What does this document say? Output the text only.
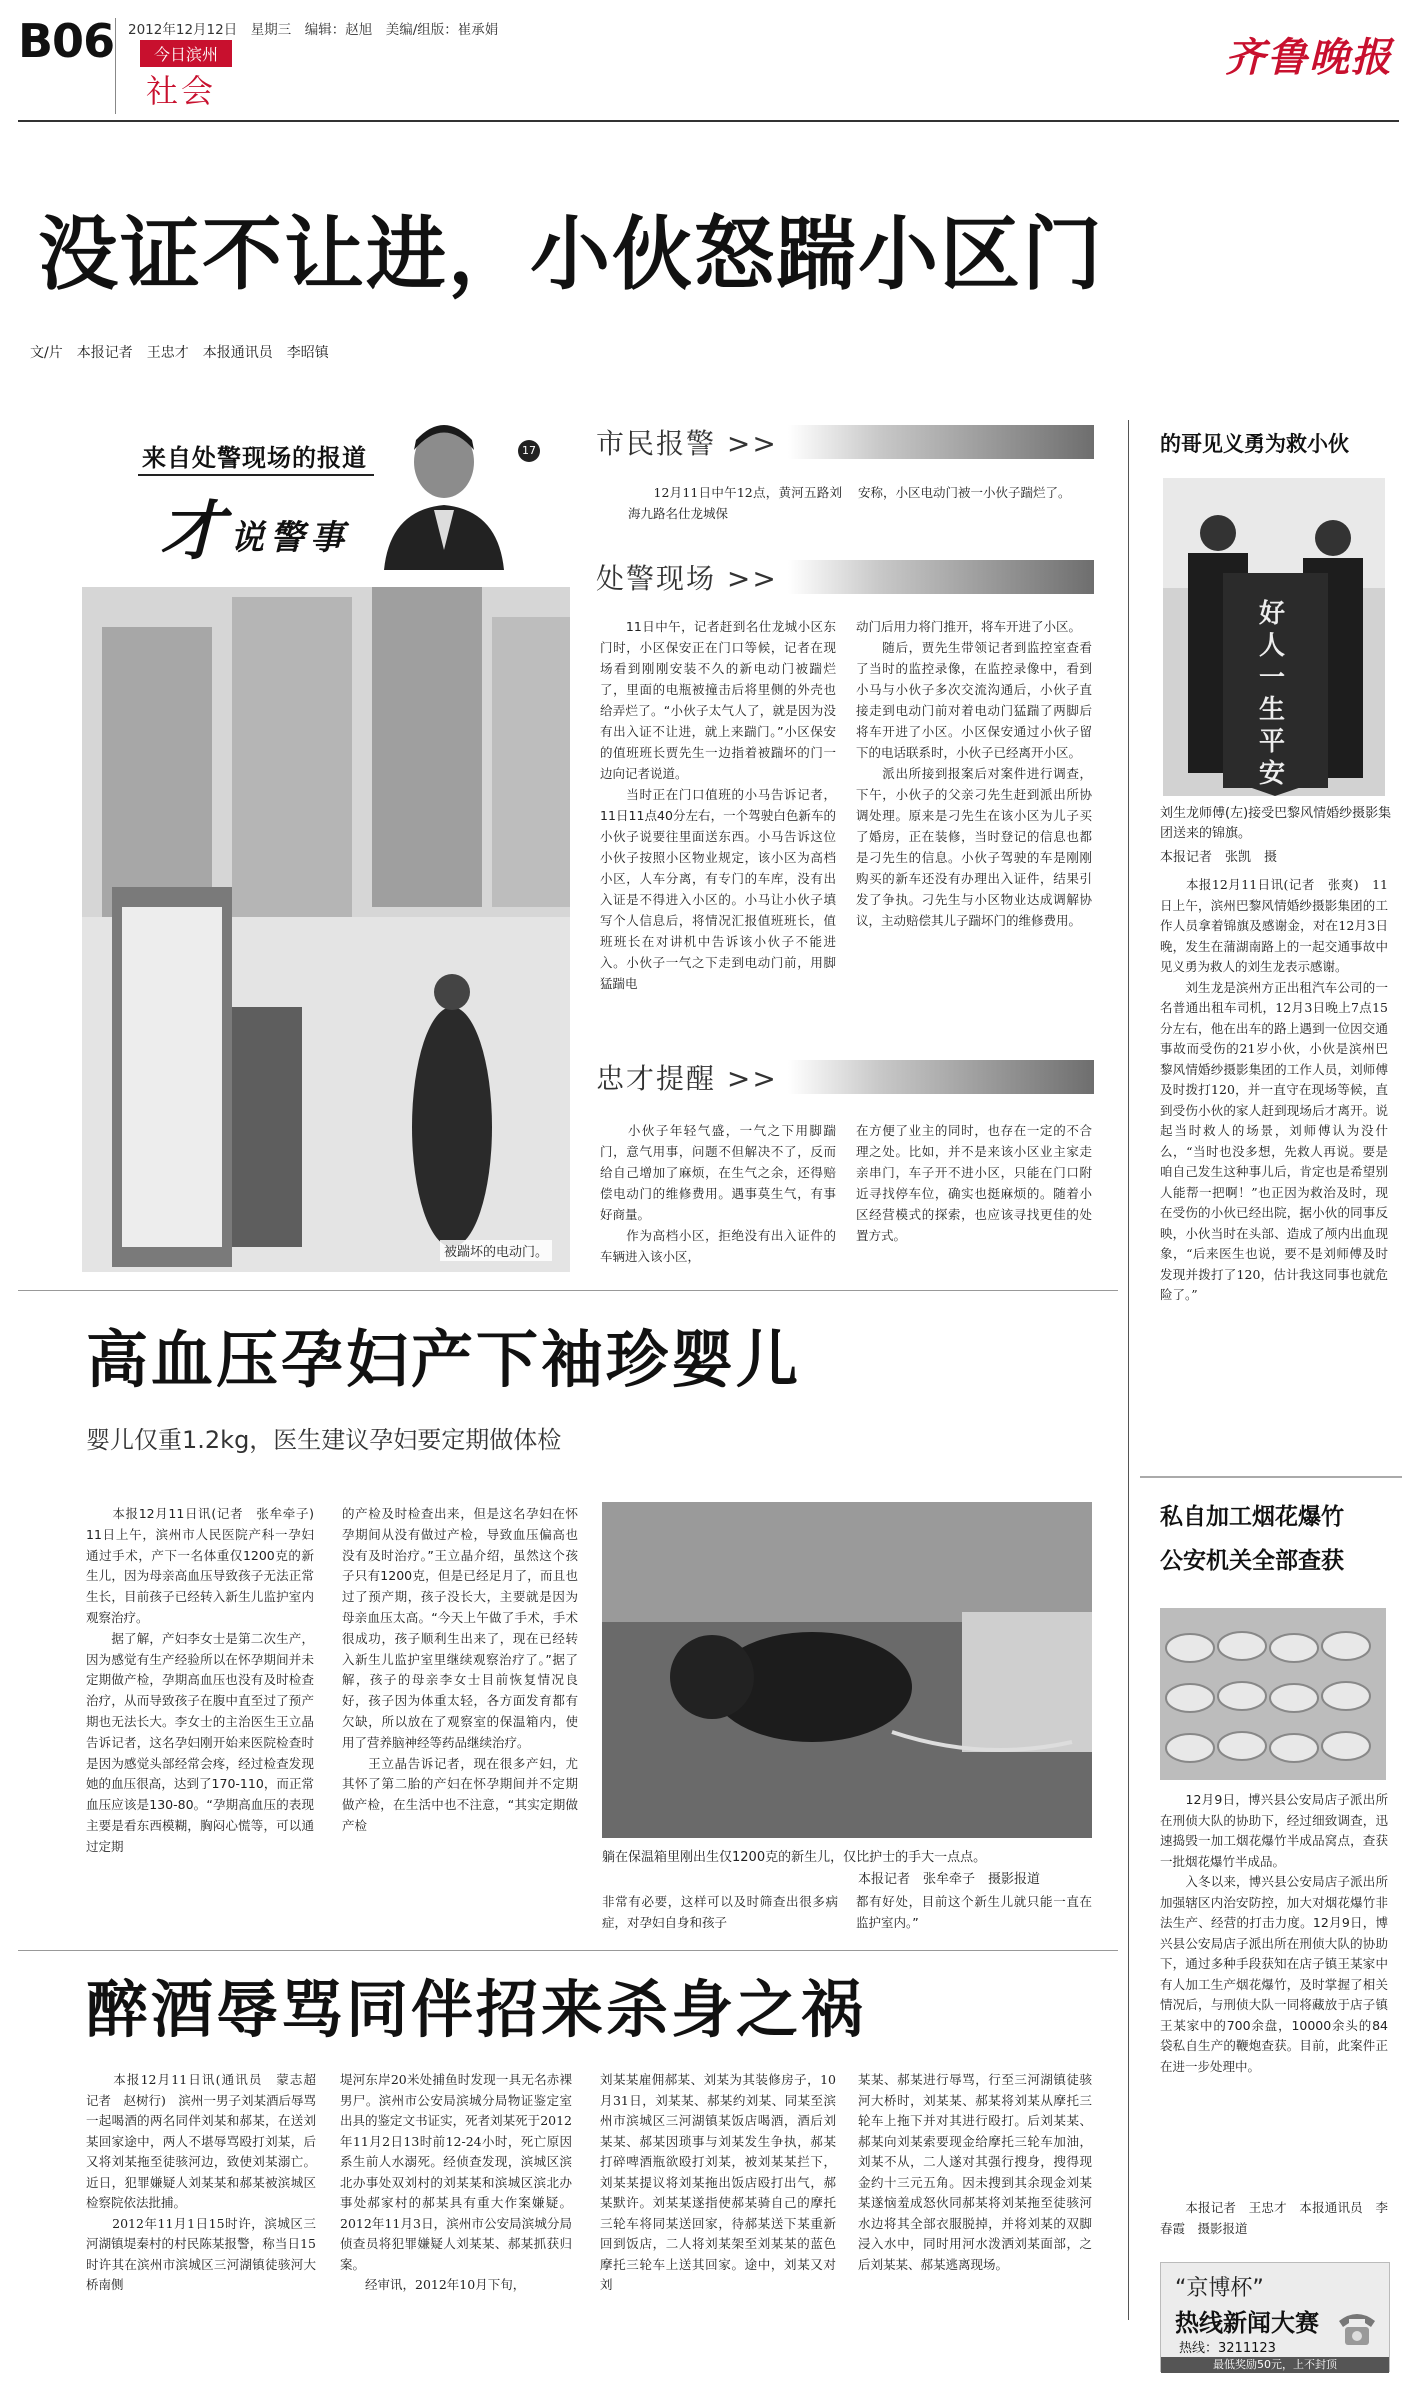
B06 2012年12月12日　星期三　编辑：赵旭　美编/组版：崔承娟
今日滨州
社会
齐鲁晚报
没证不让进，小伙怒踹小区门
文/片　本报记者　王忠才　本报通讯员　李昭镇
来自处警现场的报道
才 说警事
17
被踹坏的电动门。
市民报警 >>
　　12月11日中午12点，黄河五路刘海九路名仕龙城保
安称，小区电动门被一小伙子踹烂了。
处警现场 >>
　　11日中午，记者赶到名仕龙城小区东门时，小区保安正在门口等候，记者在现场看到刚刚安装不久的新电动门被踹烂了，里面的电瓶被撞击后将里侧的外壳也给弄烂了。“小伙子太气人了，就是因为没有出入证不让进，就上来踹门。”小区保安的值班班长贾先生一边指着被踹坏的门一边向记者说道。
　　当时正在门口值班的小马告诉记者，11日11点40分左右，一个驾驶白色新车的小伙子说要往里面送东西。小马告诉这位小伙子按照小区物业规定，该小区为高档小区，人车分离，有专门的车库，没有出入证是不得进入小区的。小马让小伙子填写个人信息后，将情况汇报值班班长，值班班长在对讲机中告诉该小伙子不能进入。小伙子一气之下走到电动门前，用脚猛踹电
动门后用力将门推开，将车开进了小区。
　　随后，贾先生带领记者到监控室查看了当时的监控录像，在监控录像中，看到小马与小伙子多次交流沟通后，小伙子直接走到电动门前对着电动门猛踹了两脚后将车开进了小区。小区保安通过小伙子留下的电话联系时，小伙子已经离开小区。
　　派出所接到报案后对案件进行调查，下午，小伙子的父亲刁先生赶到派出所协调处理。原来是刁先生在该小区为儿子买了婚房，正在装修，当时登记的信息也都是刁先生的信息。小伙子驾驶的车是刚刚购买的新车还没有办理出入证件，结果引发了争执。刁先生与小区物业达成调解协议，主动赔偿其儿子踹坏门的维修费用。
忠才提醒 >>
　　小伙子年轻气盛，一气之下用脚踹门，意气用事，问题不但解决不了，反而给自己增加了麻烦，在生气之余，还得赔偿电动门的维修费用。遇事莫生气，有事好商量。
　　作为高档小区，拒绝没有出入证件的车辆进入该小区，
在方便了业主的同时，也存在一定的不合理之处。比如，并不是来该小区业主家走亲串门，车子开不进小区，只能在门口附近寻找停车位，确实也挺麻烦的。随着小区经营模式的探索，也应该寻找更佳的处置方式。
的哥见义勇为救小伙
好人一生平安
刘生龙师傅(左)接受巴黎风情婚纱摄影集团送来的锦旗。
本报记者　张凯　摄
　　本报12月11日讯(记者　张爽)　11日上午，滨州巴黎风情婚纱摄影集团的工作人员拿着锦旗及感谢金，对在12月3日晚，发生在蒲湖南路上的一起交通事故中见义勇为救人的刘生龙表示感谢。
　　刘生龙是滨州方正出租汽车公司的一名普通出租车司机，12月3日晚上7点15分左右，他在出车的路上遇到一位因交通事故而受伤的21岁小伙，小伙是滨州巴黎风情婚纱摄影集团的工作人员，刘师傅及时拨打120，并一直守在现场等候，直到受伤小伙的家人赶到现场后才离开。说起当时救人的场景，刘师傅认为没什么，“当时也没多想，先救人再说。要是咱自己发生这种事儿后，肯定也是希望别人能帮一把啊！”也正因为救治及时，现在受伤的小伙已经出院，据小伙的同事反映，小伙当时在头部、造成了颅内出血现象，“后来医生也说，要不是刘师傅及时发现并拨打了120，估计我这同事也就危险了。”
私自加工烟花爆竹
公安机关全部查获
　　12月9日，博兴县公安局店子派出所在刑侦大队的协助下，经过细致调查，迅速捣毁一加工烟花爆竹半成品窝点，查获一批烟花爆竹半成品。
　　入冬以来，博兴县公安局店子派出所加强辖区内治安防控，加大对烟花爆竹非法生产、经营的打击力度。12月9日，博兴县公安局店子派出所在刑侦大队的协助下，通过多种手段获知在店子镇王某家中有人加工生产烟花爆竹，及时掌握了相关情况后，与刑侦大队一同将藏放于店子镇王某家中的700余盘，10000余头的84袋私自生产的鞭炮查获。目前，此案件正在进一步处理中。
　　本报记者　王忠才　本报通讯员　李春霞　摄影报道
“京博杯”
热线新闻大赛
热线：3211123
最低奖励50元，上不封顶
高血压孕妇产下袖珍婴儿
婴儿仅重1.2kg，医生建议孕妇要定期做体检
　　本报12月11日讯(记者　张牟牵子)　11日上午，滨州市人民医院产科一孕妇通过手术，产下一名体重仅1200克的新生儿，因为母亲高血压导致孩子无法正常生长，目前孩子已经转入新生儿监护室内观察治疗。
　　据了解，产妇李女士是第二次生产，因为感觉有生产经验所以在怀孕期间并未定期做产检，孕期高血压也没有及时检查治疗，从而导致孩子在腹中直至过了预产期也无法长大。李女士的主治医生王立晶告诉记者，这名孕妇刚开始来医院检查时是因为感觉头部经常会疼，经过检查发现她的血压很高，达到了170-110，而正常血压应该是130-80。“孕期高血压的表现主要是看东西模糊，胸闷心慌等，可以通过定期
的产检及时检查出来，但是这名孕妇在怀孕期间从没有做过产检，导致血压偏高也没有及时治疗。”王立晶介绍，虽然这个孩子只有1200克，但是已经足月了，而且也过了预产期，孩子没长大，主要就是因为母亲血压太高。“今天上午做了手术，手术很成功，孩子顺利生出来了，现在已经转入新生儿监护室里继续观察治疗了。”据了解，孩子的母亲李女士目前恢复情况良好，孩子因为体重太轻，各方面发育都有欠缺，所以放在了观察室的保温箱内，使用了营养脑神经等药品继续治疗。
　　王立晶告诉记者，现在很多产妇，尤其怀了第二胎的产妇在怀孕期间并不定期做产检，在生活中也不注意，“其实定期做产检
躺在保温箱里刚出生仅1200克的新生儿，仅比护士的手大一点点。
本报记者　张牟牵子　摄影报道
非常有必要，这样可以及时筛查出很多病症，对孕妇自身和孩子
都有好处，目前这个新生儿就只能一直在监护室内。”
醉酒辱骂同伴招来杀身之祸
　　本报12月11日讯(通讯员　蒙志超　记者　赵树行)　滨州一男子刘某酒后辱骂一起喝酒的两名同伴刘某和郝某，在送刘某回家途中，两人不堪辱骂殴打刘某，后又将刘某拖至徒骇河边，致使刘某溺亡。近日，犯罪嫌疑人刘某某和郝某被滨城区检察院依法批捕。
　　2012年11月1日15时许，滨城区三河湖镇堤秦村的村民陈某报警，称当日15时许其在滨州市滨城区三河湖镇徒骇河大桥南侧
堤河东岸20米处捕鱼时发现一具无名赤裸男尸。滨州市公安局滨城分局物证鉴定室出具的鉴定文书证实，死者刘某死于2012年11月2日13时前12-24小时，死亡原因系生前人水溺死。经侦查发现，滨城区滨北办事处双刘村的刘某某和滨城区滨北办事处郝家村的郝某具有重大作案嫌疑。2012年11月3日，滨州市公安局滨城分局侦查员将犯罪嫌疑人刘某某、郝某抓获归案。
　　经审讯，2012年10月下旬，
刘某某雇佣郝某、刘某为其装修房子，10月31日，刘某某、郝某约刘某、同某至滨州市滨城区三河湖镇某饭店喝酒，酒后刘某某、郝某因琐事与刘某发生争执，郝某打碎啤酒瓶欲殴打刘某，被刘某某拦下，刘某某提议将刘某拖出饭店殴打出气，郝某默许。刘某某遂指使郝某骑自己的摩托三轮车将同某送回家，待郝某送下某重新回到饭店，二人将刘某架至刘某某的蓝色摩托三轮车上送其回家。途中，刘某又对刘
某某、郝某进行辱骂，行至三河湖镇徒骇河大桥时，刘某某、郝某将刘某从摩托三轮车上拖下并对其进行殴打。后刘某某、郝某向刘某索要现金给摩托三轮车加油，刘某不从，二人遂对其强行搜身，搜得现金约十三元五角。因未搜到其余现金刘某某遂恼羞成怒伙同郝某将刘某拖至徒骇河水边将其全部衣服脱掉，并将刘某的双脚浸入水中，同时用河水泼洒刘某面部，之后刘某某、郝某逃离现场。
